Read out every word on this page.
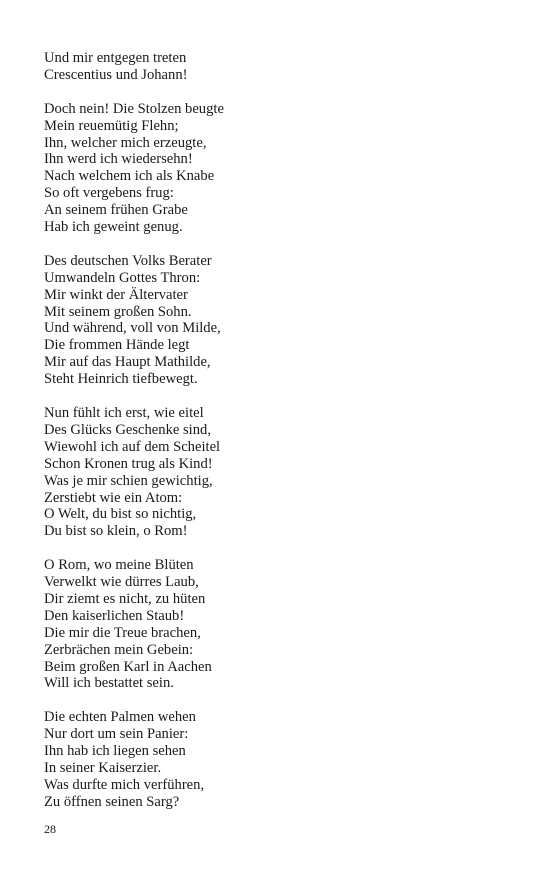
Und mir entgegen treten
Crescentius und Johann!
Doch nein! Die Stolzen beugte
Mein reuemütig Flehn;
Ihn, welcher mich erzeugte,
Ihn werd ich wiedersehn!
Nach welchem ich als Knabe
So oft vergebens frug:
An seinem frühen Grabe
Hab ich geweint genug.
Des deutschen Volks Berater
Umwandeln Gottes Thron:
Mir winkt der Ältervater
Mit seinem großen Sohn.
Und während, voll von Milde,
Die frommen Hände legt
Mir auf das Haupt Mathilde,
Steht Heinrich tiefbewegt.
Nun fühlt ich erst, wie eitel
Des Glücks Geschenke sind,
Wiewohl ich auf dem Scheitel
Schon Kronen trug als Kind!
Was je mir schien gewichtig,
Zerstiebt wie ein Atom:
O Welt, du bist so nichtig,
Du bist so klein, o Rom!
O Rom, wo meine Blüten
Verwelkt wie dürres Laub,
Dir ziemt es nicht, zu hüten
Den kaiserlichen Staub!
Die mir die Treue brachen,
Zerbrächen mein Gebein:
Beim großen Karl in Aachen
Will ich bestattet sein.
Die echten Palmen wehen
Nur dort um sein Panier:
Ihn hab ich liegen sehen
In seiner Kaiserzier.
Was durfte mich verführen,
Zu öffnen seinen Sarg?
28
